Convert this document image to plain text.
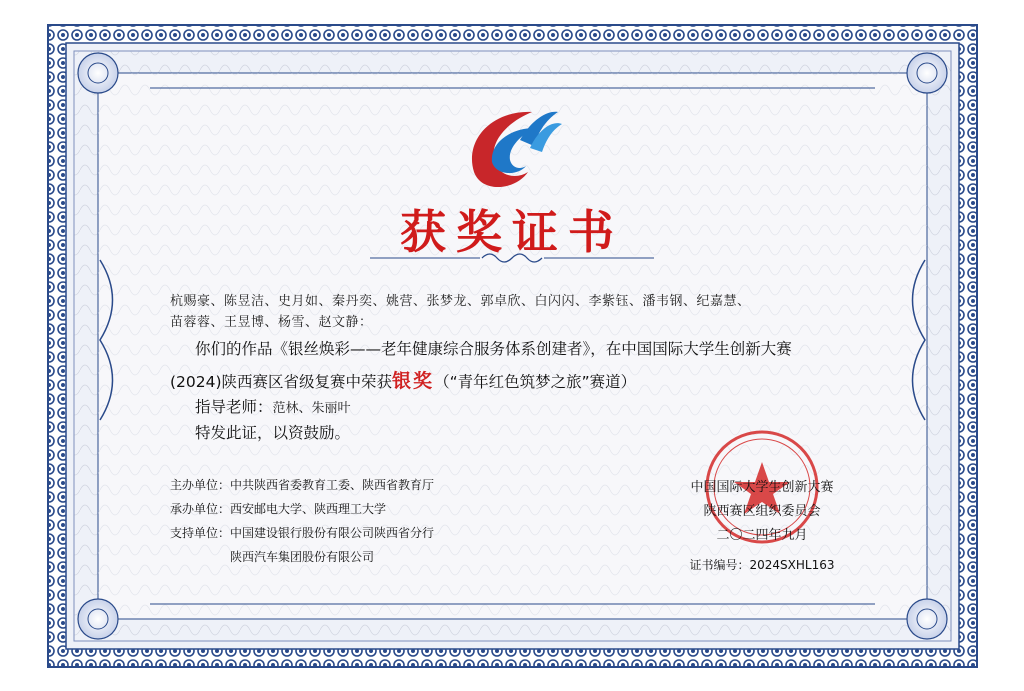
获奖证书
杭赐豪、陈昱洁、史月如、秦丹奕、姚营、张梦龙、郭卓欣、白闪闪、李紫钰、潘韦钢、纪嘉慧、
苗蓉蓉、王昱博、杨雪、赵文静：
你们的作品《银丝焕彩——老年健康综合服务体系创建者》，在中国国际大学生创新大赛
(2024)陕西赛区省级复赛中荣获银奖（“青年红色筑梦之旅”赛道）
指导老师：范林、朱丽叶
特发此证，以资鼓励。
主办单位：中共陕西省委教育工委、陕西省教育厅
承办单位：西安邮电大学、陕西理工大学
支持单位：中国建设银行股份有限公司陕西省分行
陕西汽车集团股份有限公司
中国国际大学生创新大赛
陕西赛区组织委员会
二〇二四年九月
证书编号：2024SXHL163
